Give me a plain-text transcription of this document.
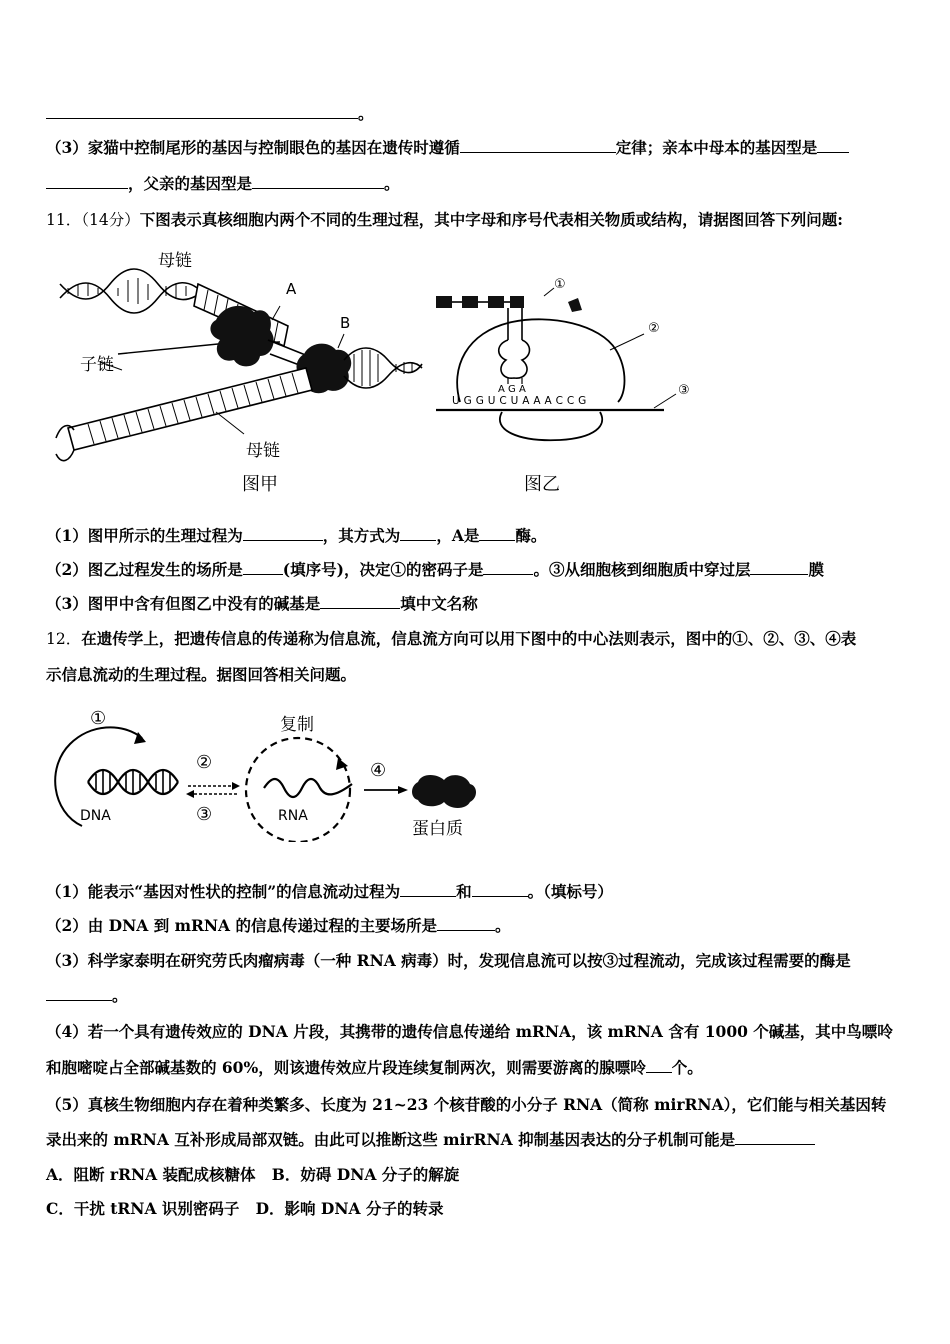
。
（3）家猫中控制尾形的基因与控制眼色的基因在遗传时遵循	定律；亲本中母本的基因型是
，父亲的基因型是	。
11．（14分）下图表示真核细胞内两个不同的生理过程，其中字母和序号代表相关物质或结构，请据图回答下列问题:
母链
子链
母链
A
B
图甲
A G A
U G G U C U A A A C C G
①
②
③
图乙
（1）图甲所示的生理过程为	，其方式为 ，A是 酶。
（2）图乙过程发生的场所是	(填序号)，决定①的密码子是	。③从细胞核到细胞质中穿过层	膜
（3）图甲中含有但图乙中没有的碱基是	填中文名称
12．在遗传学上，把遗传信息的传递称为信息流，信息流方向可以用下图中的中心法则表示，图中的①、②、③、④表
示信息流动的生理过程。据图回答相关问题。
①
DNA
②
③
复制
RNA
④
蛋白质
（1）能表示“基因对性状的控制”的信息流动过程为	和	。（填标号）
（2）由 DNA 到 mRNA 的信息传递过程的主要场所是	。
（3）科学家泰明在研究劳氏肉瘤病毒（一种 RNA 病毒）时，发现信息流可以按③过程流动，完成该过程需要的酶是
。
（4）若一个具有遗传效应的 DNA 片段，其携带的遗传信息传递给 mRNA，该 mRNA 含有 1000 个碱基，其中鸟嘌呤
和胞嘧啶占全部碱基数的 60%，则该遗传效应片段连续复制两次，则需要游离的腺嘌呤 个。
（5）真核生物细胞内存在着种类繁多、长度为 21~23 个核苷酸的小分子 RNA（简称 mirRNA），它们能与相关基因转
录出来的 mRNA 互补形成局部双链。由此可以推断这些 mirRNA 抑制基因表达的分子机制可能是
A．阻断 rRNA 装配成核糖体 B．妨碍 DNA 分子的解旋
C．干扰 tRNA 识别密码子 D．影响 DNA 分子的转录
